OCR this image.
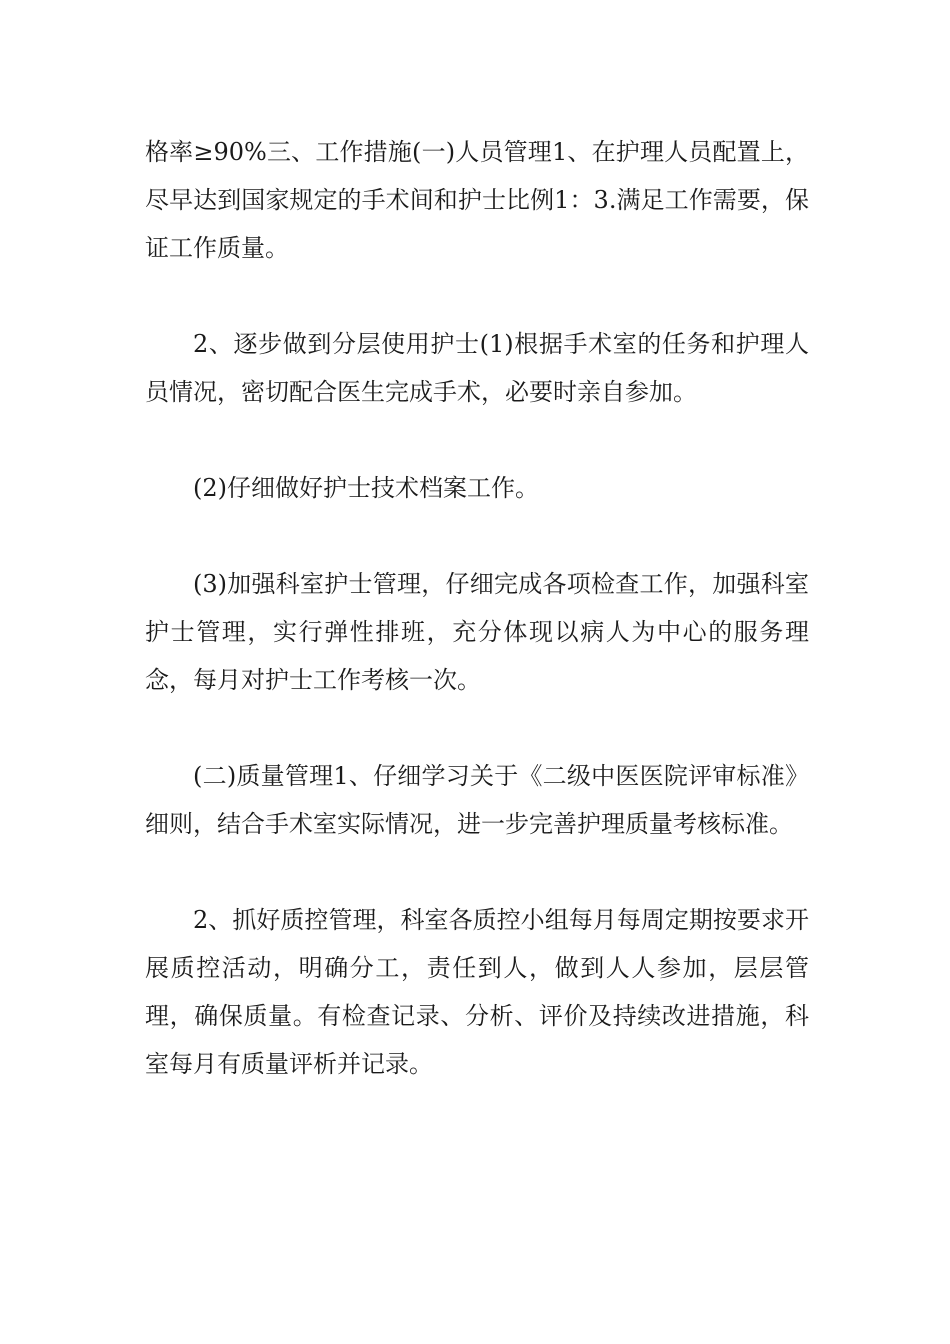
格率≥90%三、工作措施(一)人员管理1、在护理人员配置上，尽早达到国家规定的手术间和护士比例1：3.满足工作需要，保证工作质量。

2、逐步做到分层使用护士(1)根据手术室的任务和护理人员情况，密切配合医生完成手术，必要时亲自参加。

(2)仔细做好护士技术档案工作。

(3)加强科室护士管理，仔细完成各项检查工作，加强科室护士管理，实行弹性排班，充分体现以病人为中心的服务理念，每月对护士工作考核一次。

(二)质量管理1、仔细学习关于《二级中医医院评审标准》细则，结合手术室实际情况，进一步完善护理质量考核标准。

2、抓好质控管理，科室各质控小组每月每周定期按要求开展质控活动，明确分工，责任到人，做到人人参加，层层管理，确保质量。有检查记录、分析、评价及持续改进措施，科室每月有质量评析并记录。
